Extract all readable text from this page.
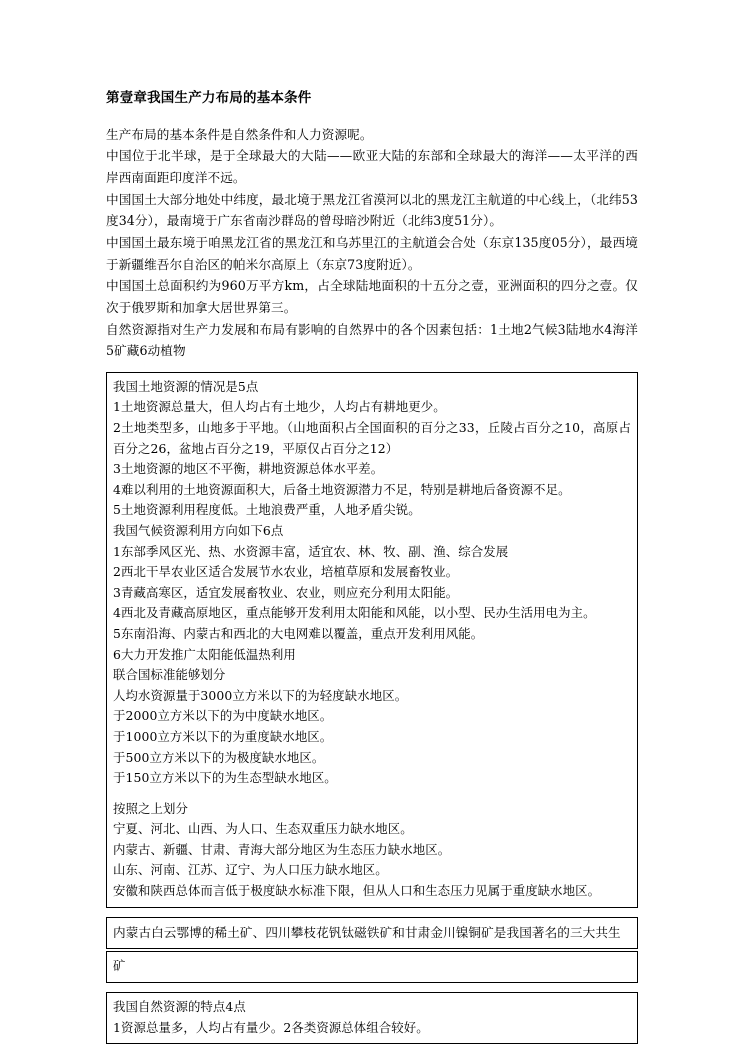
第壹章我国生产力布局的基本条件

生产布局的基本条件是自然条件和人力资源呢。

中国位于北半球，是于全球最大的大陆——欧亚大陆的东部和全球最大的海洋——太平洋的西岸西南面距印度洋不远。

中国国土大部分地处中纬度，最北境于黑龙江省漠河以北的黑龙江主航道的中心线上，（北纬53度34分），最南境于广东省南沙群岛的曾母暗沙附近（北纬3度51分）。

中国国土最东境于咱黑龙江省的黑龙江和乌苏里江的主航道会合处（东京135度05分），最西境于新疆维吾尔自治区的帕米尔高原上（东京73度附近）。

中国国土总面积约为960万平方km，占全球陆地面积的十五分之壹，亚洲面积的四分之壹。仅次于俄罗斯和加拿大居世界第三。

自然资源指对生产力发展和布局有影响的自然界中的各个因素包括：1土地2气候3陆地水4海洋5矿藏6动植物

我国土地资源的情况是5点

1土地资源总量大，但人均占有土地少，人均占有耕地更少。

2土地类型多，山地多于平地。（山地面积占全国面积的百分之33，丘陵占百分之10，高原占百分之26，盆地占百分之19，平原仅占百分之12）

3土地资源的地区不平衡，耕地资源总体水平差。

4难以利用的土地资源面积大，后备土地资源潜力不足，特别是耕地后备资源不足。

5土地资源利用程度低。土地浪费严重，人地矛盾尖锐。

我国气候资源利用方向如下6点

1东部季风区光、热、水资源丰富，适宜农、林、牧、副、渔、综合发展

2西北干旱农业区适合发展节水农业，培植草原和发展畜牧业。

3青藏高寒区，适宜发展畜牧业、农业，则应充分利用太阳能。

4西北及青藏高原地区，重点能够开发利用太阳能和风能，以小型、民办生活用电为主。

5东南沿海、内蒙古和西北的大电网难以覆盖，重点开发利用风能。

6大力开发推广太阳能低温热利用

联合国标准能够划分

人均水资源量于3000立方米以下的为轻度缺水地区。

于2000立方米以下的为中度缺水地区。

于1000立方米以下的为重度缺水地区。

于500立方米以下的为极度缺水地区。

于150立方米以下的为生态型缺水地区。

按照之上划分

宁夏、河北、山西、为人口、生态双重压力缺水地区。

内蒙古、新疆、甘肃、青海大部分地区为生态压力缺水地区。

山东、河南、江苏、辽宁、为人口压力缺水地区。

安徽和陕西总体而言低于极度缺水标准下限，但从人口和生态压力见属于重度缺水地区。

内蒙古白云鄂博的稀土矿、四川攀枝花钒钛磁铁矿和甘肃金川镍铜矿是我国著名的三大共生

矿

我国自然资源的特点4点

1资源总量多，人均占有量少。2各类资源总体组合较好。
